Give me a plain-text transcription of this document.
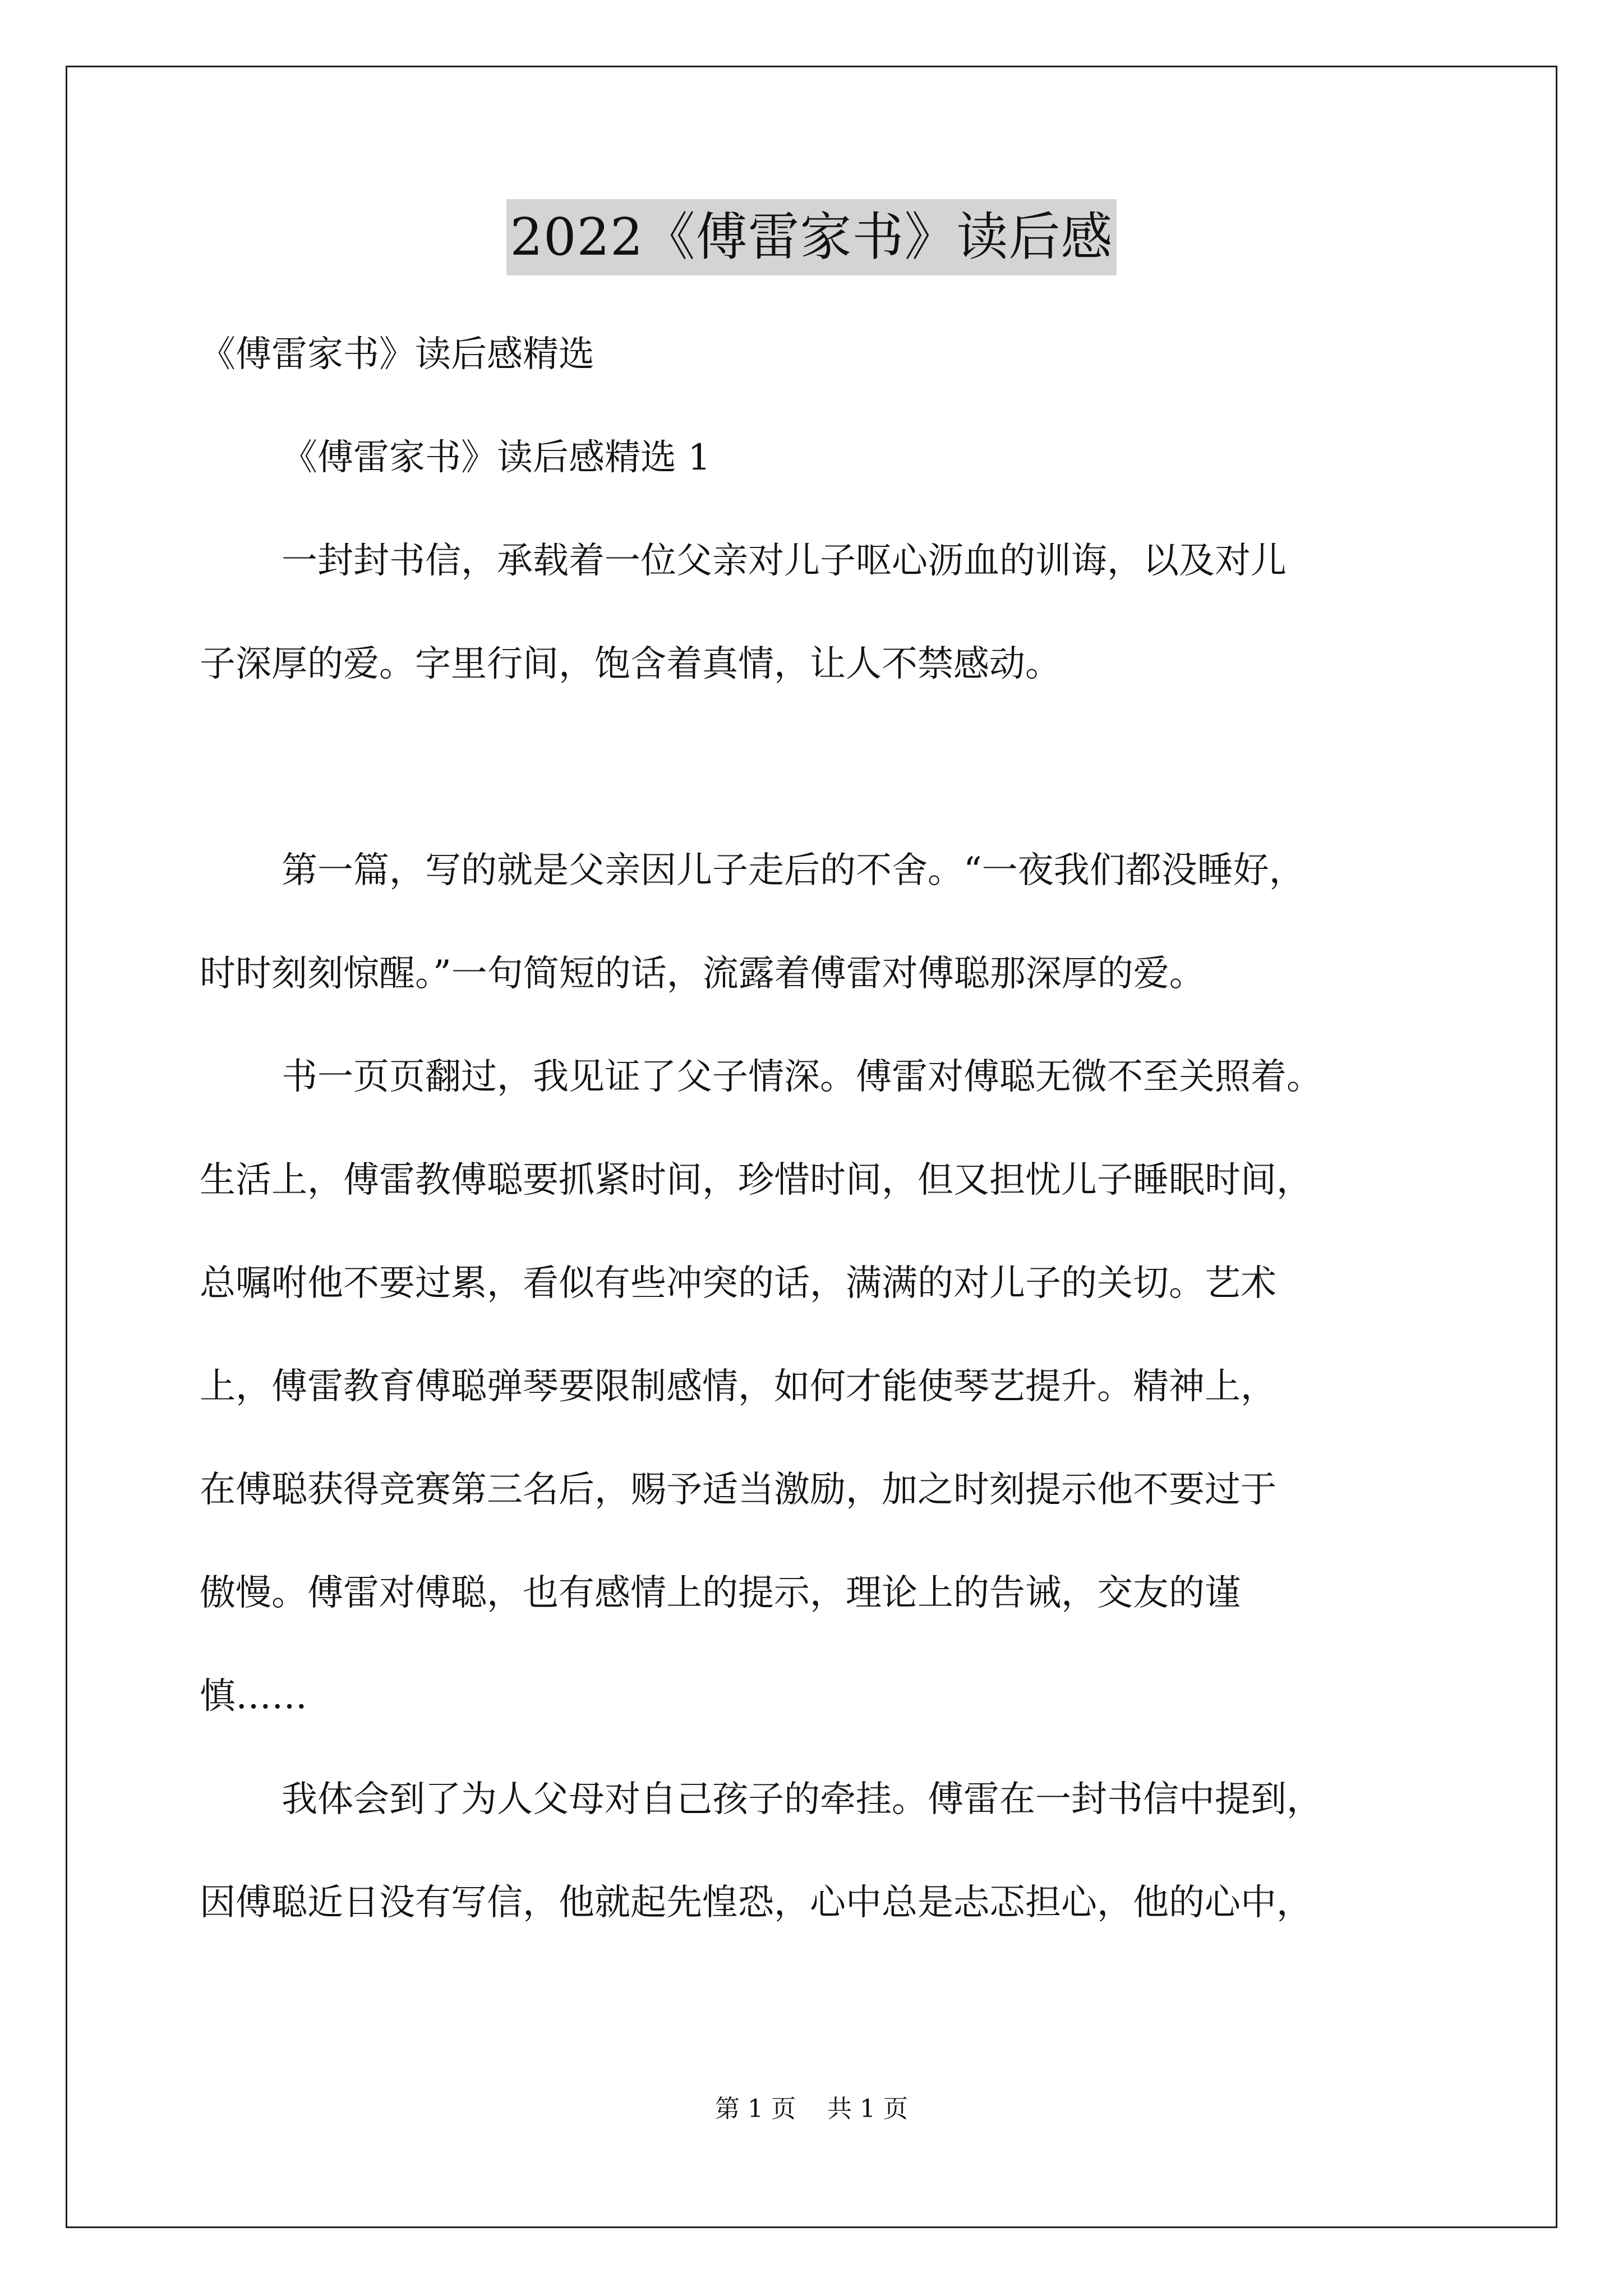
2022《傅雷家书》读后感
《傅雷家书》读后感精选
《傅雷家书》读后感精选 1
一封封书信，承载着一位父亲对儿子呕心沥血的训诲，以及对儿
子深厚的爱。字里行间，饱含着真情，让人不禁感动。
第一篇，写的就是父亲因儿子走后的不舍。“一夜我们都没睡好，
时时刻刻惊醒。”一句简短的话，流露着傅雷对傅聪那深厚的爱。
书一页页翻过，我见证了父子情深。傅雷对傅聪无微不至关照着。
生活上，傅雷教傅聪要抓紧时间，珍惜时间，但又担忧儿子睡眠时间，
总嘱咐他不要过累，看似有些冲突的话，满满的对儿子的关切。艺术
上，傅雷教育傅聪弹琴要限制感情，如何才能使琴艺提升。精神上，
在傅聪获得竞赛第三名后，赐予适当激励，加之时刻提示他不要过于
傲慢。傅雷对傅聪，也有感情上的提示，理论上的告诫，交友的谨
慎……
我体会到了为人父母对自己孩子的牵挂。傅雷在一封书信中提到，
因傅聪近日没有写信，他就起先惶恐，心中总是忐忑担心，他的心中，
第 1 页 共 1 页
